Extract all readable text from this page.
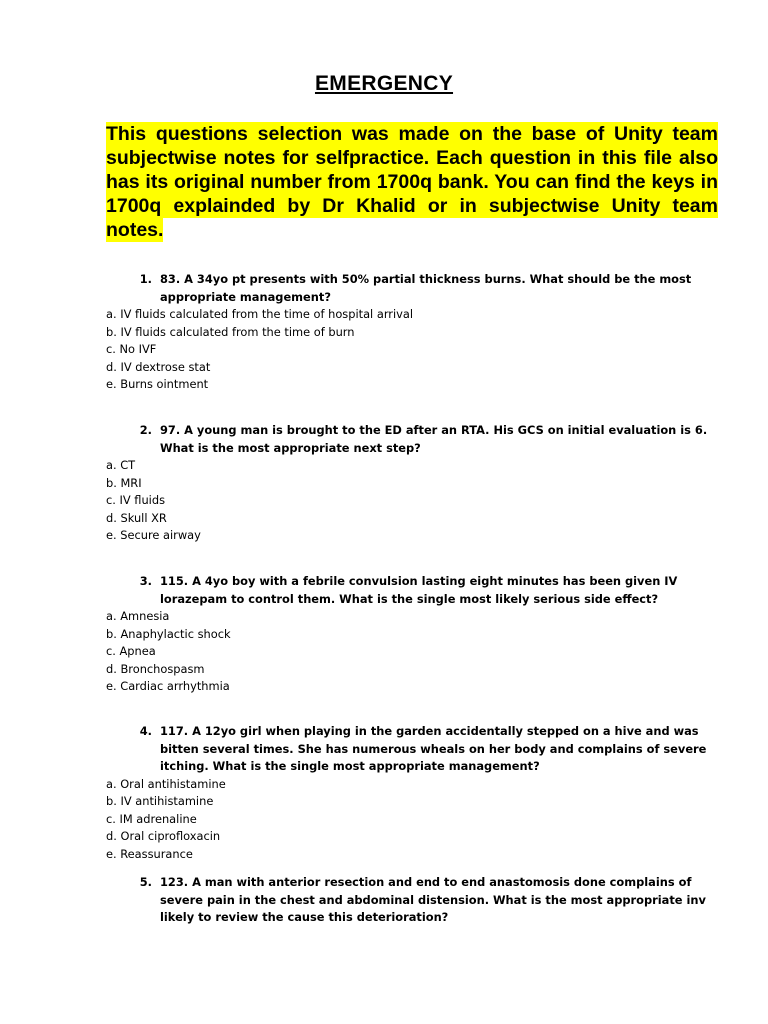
EMERGENCY
This questions selection was made on the base of Unity team subjectwise notes for selfpractice. Each question in this file also has its original number from 1700q bank. You can find the keys in 1700q explainded by Dr Khalid or in subjectwise Unity team notes.
1. 83. A 34yo pt presents with 50% partial thickness burns. What should be the most appropriate management?
a. IV fluids calculated from the time of hospital arrival
b. IV fluids calculated from the time of burn
c. No IVF
d. IV dextrose stat
e. Burns ointment
2. 97. A young man is brought to the ED after an RTA. His GCS on initial evaluation is 6. What is the most appropriate next step?
a. CT
b. MRI
c. IV fluids
d. Skull XR
e. Secure airway
3. 115. A 4yo boy with a febrile convulsion lasting eight minutes has been given IV lorazepam to control them. What is the single most likely serious side effect?
a. Amnesia
b. Anaphylactic shock
c. Apnea
d. Bronchospasm
e. Cardiac arrhythmia
4. 117. A 12yo girl when playing in the garden accidentally stepped on a hive and was bitten several times. She has numerous wheals on her body and complains of severe itching. What is the single most appropriate management?
a. Oral antihistamine
b. IV antihistamine
c. IM adrenaline
d. Oral ciprofloxacin
e. Reassurance
5. 123. A man with anterior resection and end to end anastomosis done complains of severe pain in the chest and abdominal distension. What is the most appropriate inv likely to review the cause this deterioration?
